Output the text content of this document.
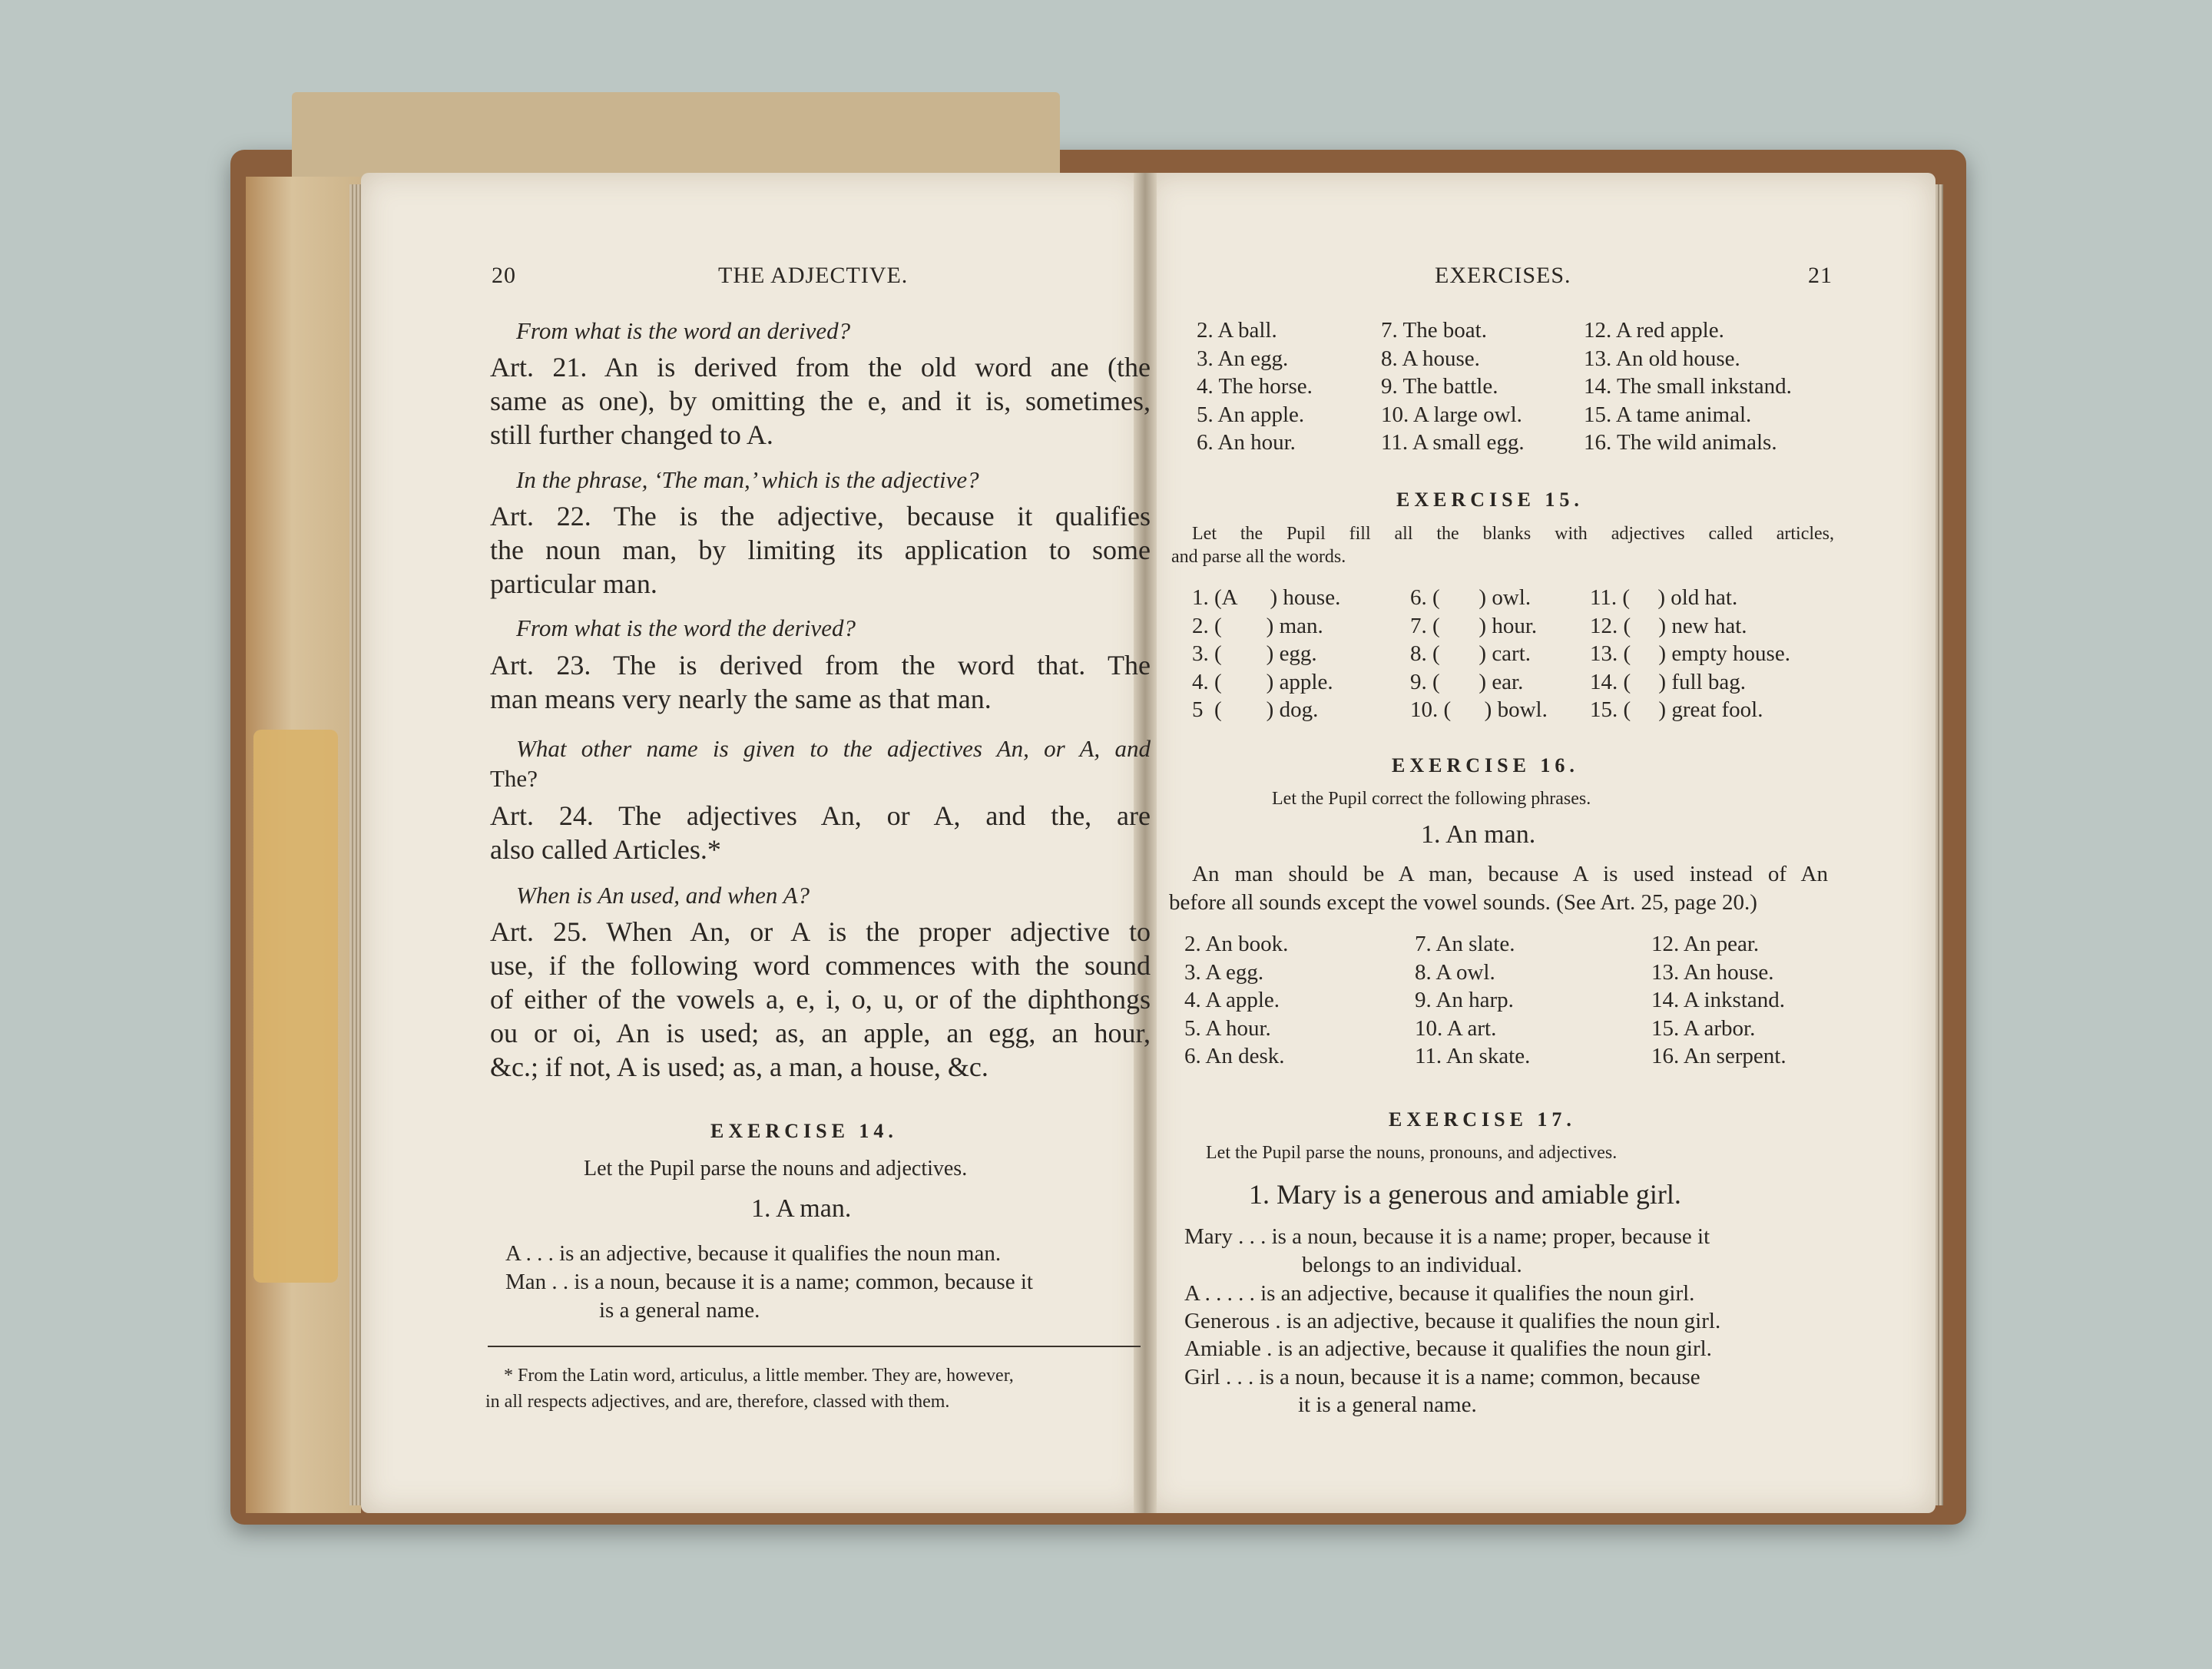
20	THE ADJECTIVE.
From what is the word an derived?
Art. 21. An is derived from the old word ane (the
same as one), by omitting the e, and it is, sometimes,
still further changed to A.
In the phrase, ‘The man,’ which is the adjective?
Art. 22. The is the adjective, because it qualifies
the noun man, by limiting its application to some
particular man.
From what is the word the derived?
Art. 23. The is derived from the word that. The
man means very nearly the same as that man.
What other name is given to the adjectives An, or A, and
The?
Art. 24. The adjectives An, or A, and the, are
also called Articles.*
When is An used, and when A?
Art. 25. When An, or A is the proper adjective to
use, if the following word commences with the sound
of either of the vowels a, e, i, o, u, or of the diphthongs
ou or oi, An is used; as, an apple, an egg, an hour,
&c.; if not, A is used; as, a man, a house, &c.
EXERCISE 14.
Let the Pupil parse the nouns and adjectives.
1. A man.
A . . . is an adjective, because it qualifies the noun man.
Man . . is a noun, because it is a name; common, because it
is a general name.
* From the Latin word, articulus, a little member. They are, however,
in all respects adjectives, and are, therefore, classed with them.
EXERCISES.	21
2. A ball.
3. An egg.
4. The horse.
5. An apple.
6. An hour.
7. The boat.
8. A house.
9. The battle.
10. A large owl.
11. A small egg.
12. A red apple.
13. An old house.
14. The small inkstand.
15. A tame animal.
16. The wild animals.
EXERCISE 15.
Let the Pupil fill all the blanks with adjectives called articles,
and parse all the words.
1. (A      ) house.
2. (        ) man.
3. (        ) egg.
4. (        ) apple.
5  (        ) dog.
6. (       ) owl.
7. (       ) hour.
8. (       ) cart.
9. (       ) ear.
10. (      ) bowl.
11. (     ) old hat.
12. (     ) new hat.
13. (     ) empty house.
14. (     ) full bag.
15. (     ) great fool.
EXERCISE 16.
Let the Pupil correct the following phrases.
1. An man.
An man should be A man, because A is used instead of An
before all sounds except the vowel sounds. (See Art. 25, page 20.)
2. An book.
3. A egg.
4. A apple.
5. A hour.
6. An desk.
7. An slate.
8. A owl.
9. An harp.
10. A art.
11. An skate.
12. An pear.
13. An house.
14. A inkstand.
15. A arbor.
16. An serpent.
EXERCISE 17.
Let the Pupil parse the nouns, pronouns, and adjectives.
1. Mary is a generous and amiable girl.
Mary . . . is a noun, because it is a name; proper, because it
belongs to an individual.
A . . . . . is an adjective, because it qualifies the noun girl.
Generous . is an adjective, because it qualifies the noun girl.
Amiable . is an adjective, because it qualifies the noun girl.
Girl . . . is a noun, because it is a name; common, because
it is a general name.
